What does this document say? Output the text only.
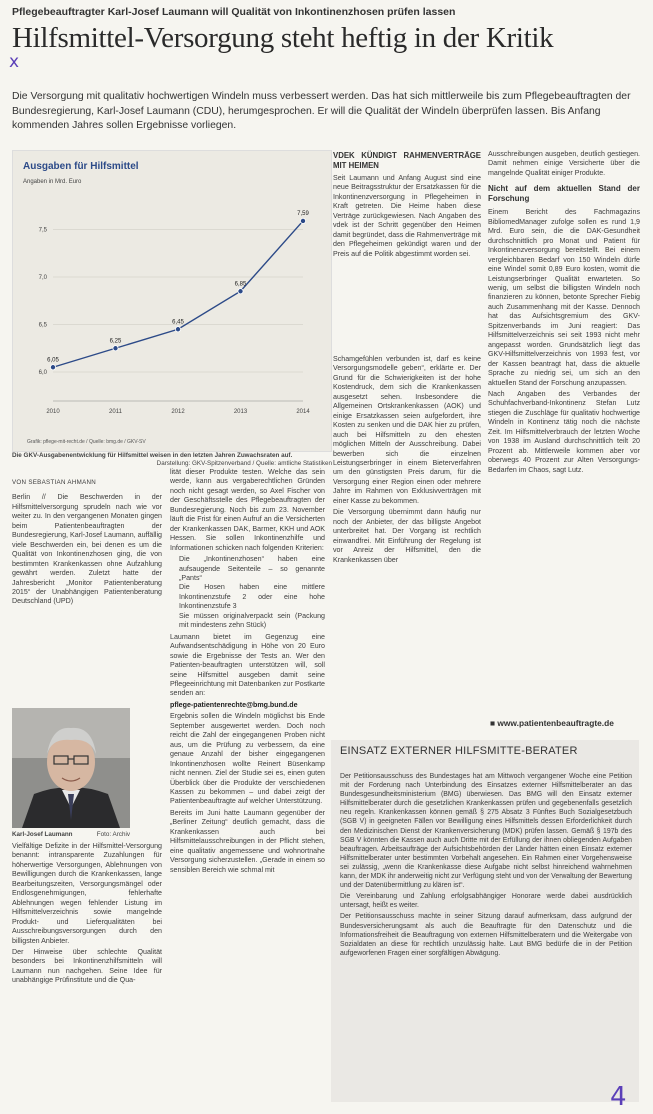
Pflegebeauftragter Karl-Josef Laumann will Qualität von Inkontinenzhosen prüfen lassen
Hilfsmittel-Versorgung steht heftig in der Kritik
x
Die Versorgung mit qualitativ hochwertigen Windeln muss verbessert werden. Das hat sich mittlerweile bis zum Pflegebeauftragten der Bundesregierung, Karl-Josef Laumann (CDU), herumgesprochen. Er will die Qualität der Windeln überprüfen lassen. Bis Anfang kommenden Jahres sollen Ergebnisse vorliegen.
Ausgaben für Hilfsmittel
Angaben in Mrd. Euro
6,0
6,5
7,0
7,5
2010	2011	2012	2013	2014
6,05
6,25
6,45
6,85
7,59
Grafik: pflege-mit-recht.de / Quelle: bmg.de / GKV-SV
Die GKV-Ausgabenentwicklung für Hilfsmittel weisen in den letzten Jahren Zuwachsraten auf.
Darstellung: GKV-Spitzenverband / Quelle: amtliche Statistiken

VON SEBASTIAN AHMANN

Berlin // Die Beschwerden in der Hilfsmittelversorgung sprudeln nach wie vor weiter zu. In den vergangenen Monaten gingen beim Patientenbeauftragten der Bundesregierung, Karl-Josef Laumann, auffällig viele Beschwerden ein, bei denen es um die Qualität von Inkontinenzhosen ging, die von bestimmten Krankenkassen ohne Aufzahlung gewährt werden. Zuletzt hatte der Jahresbericht „Monitor Patientenberatung 2015“ der Unabhängigen Patientenberatung Deutschland (UPD)

Karl-Josef Laumann	Foto: Archiv

Vielfältige Defizite in der Hilfsmittel-Versorgung benannt: intransparente Zuzahlungen für höherwertige Versorgungen, Ablehnungen von Bewilligungen durch die Krankenkassen, lange Bearbeitungszeiten, Versorgungsmängel oder Endlosgenehmigungen, fehlerhafte Ablehnungen wegen fehlender Listung im Hilfsmittelverzeichnis sowie mangelnde Produkt- und Lieferqualitäten bei Ausschreibungsversorgungen durch den billigsten Anbieter.

Der Hinweise über schlechte Qualität besonders bei Inkontinenzhilfsmitteln will Laumann nun nachgehen. Seine Idee für unabhängige Prüfinstitute und die Qua-

lität dieser Produkte testen. Welche das sein werde, kann aus vergaberechtlichen Gründen noch nicht gesagt werden, so Axel Fischer von der Geschäftsstelle des Pflegebeauftragten der Bundesregierung. Noch bis zum 23. November läuft die Frist für einen Aufruf an die Versicherten der Krankenkassen DAK, Barmer, KKH und AOK Hessen. Sie sollen Inkontinenzhilfe und Informationen schicken nach folgenden Kriterien:

• Die „Inkontinenzhosen“ haben eine aufsaugende Seitenteile – so genannte „Pants“
• Die Hosen haben eine mittlere Inkontinenzstufe 2 oder eine hohe Inkontinenzstufe 3
• Sie müssen originalverpackt sein (Packung mit mindestens zehn Stück)

Laumann bietet im Gegenzug eine Aufwandsentschädigung in Höhe von 20 Euro sowie die Ergebnisse der Tests an. Wer den Patienten-beauftragten unterstützen will, soll seine Hilfsmittel ausgeben damit seine Pflegeeinrichtung mit Datenbanken zur Postkarte senden an:

pflege-patientenrechte@bmg.bund.de

Ergebnis sollen die Windeln möglichst bis Ende September ausgewertet werden. Doch noch reicht die Zahl der eingegangenen Proben nicht aus, um die Prüfung zu verbessern, da eine genaue Anzahl der bisher eingegangenen Inkontinenzhosen wollte Reinert Büsenkamp nicht nennen. Ziel der Studie sei es, einen guten Überblick über die Produkte der verschiedenen Kassen zu bekommen – und dabei zeigt der Patientenbeauftragte auf welcher Unterstützung.

Bereits im Juni hatte Laumann gegenüber der „Berliner Zeitung“ deutlich gemacht, dass die Krankenkassen auch bei Hilfsmittelausschreibungen in der Pflicht stehen, eine qualitativ angemessene und wohnortnahe Versorgung sicherzustellen. „Gerade in einem so sensiblen Bereich wie schmal mit

VDEK KÜNDIGT RAHMENVERTRÄGE MIT HEIMEN

Seit Laumann und Anfang August sind eine neue Beitragsstruktur der Ersatzkassen für die Inkontinenzversorgung in Pflegeheimen in Kraft getreten. Die Heime haben diese Verträge zurückgewiesen. Nach Angaben des vdek ist der Schritt gegenüber den Heimen damit begründet, dass die Rahmenverträge mit den Pflegeheimen gekündigt waren und der Preis auf die Politik abgestimmt worden sei.

Schamgefühlen verbunden ist, darf es keine Versorgungsmodelle geben“, erklärte er. Der Grund für die Schwierigkeiten ist der hohe Kostendruck, dem sich die Krankenkassen ausgesetzt sehen. Insbesondere die Allgemeinen Ortskrankenkassen (AOK) und einige Ersatzkassen seien aufgefordert, ihre Kosten zu senken und die DAK hier zu prüfen, auch bei Hilfsmitteln zu den ehesten möglichen Mitteln der Ausschreibung. Dabei bewerben sich die einzelnen Leistungserbringer in einem Bieterverfahren um den günstigsten Preis darum, für die Versorgung einer Region einen oder mehrere Jahre im Rahmen von Exklusivverträgen mit einer Kasse zu bekommen.

Die Versorgung übernimmt dann häufig nur noch der Anbieter, der das billigste Angebot unterbreitet hat. Der Vorgang ist rechtlich einwandfrei. Mit Einführung der Regelung ist vor Anreiz der Hilfsmittel, den die Krankenkassen über

Ausschreibungen ausgeben, deutlich gestiegen. Damit nehmen einige Versicherte über die mangelnde Qualität einiger Produkte.

Nicht auf dem aktuellen Stand der Forschung

Einem Bericht des Fachmagazins BibliomedManager zufolge sollen es rund 1,9 Mrd. Euro sein, die die DAK-Gesundheit durchschnittlich pro Monat und Patient für Inkontinenzversorgung bereitstellt. Bei einem vergleichbaren Bedarf von 150 Windeln dürfe eine Windel somit 0,89 Euro kosten, womit die Leistungserbringer Qualität erwarteten. So wenig, um selbst die billigsten Windeln noch finanzieren zu können, betonte Sprecher Fiebig auch Zusammenhang mit der Kasse. Dennoch hat das Aufsichtsgremium des GKV-Spitzenverbands im Juni reagiert: Das Hilfsmittelverzeichnis sei seit 1993 nicht mehr angepasst worden. Grundsätzlich liegt das GKV-Hilfsmittelverzeichnis von 1993 fest, vor der Kassen beantragt hat, dass die aktuelle Sprache zu niedrig sei, um sich an den aktuellen Stand der Forschung anzupassen.

Nach Angaben des Verbandes der Schuhfachverband-Inkontinenz Stefan Lutz stiegen die Zuschläge für qualitativ hochwertige Windeln in Kontinenz tätig noch die nächste Zeit. Im Hilfsmittelverbrauch der letzten Woche von 1938 im Ausland durchschnittlich teilt 20 Prozent ab. Mittlerweile kommen aber vor oberwegs 40 Prozent zur Alten Versorgungs-Bedarfen im Chaos, sagt Lutz.

■ www.patientenbeauftragte.de
EINSATZ EXTERNER HILFSMITTE-BERATER

Der Petitionsausschuss des Bundestages hat am Mittwoch vergangener Woche eine Petition mit der Forderung nach Unterbindung des Einsatzes externer Hilfsmittelberater an das Bundesgesundheitsministerium (BMG) überwiesen. Das BMG will den Einsatz externer Hilfsmittelberater durch die gesetzlichen Krankenkassen prüfen und gegebenenfalls gesetzlich neu regeln. Krankenkassen können gemäß § 275 Absatz 3 Fünftes Buch Sozialgesetzbuch (SGB V) in geeigneten Fällen vor Bewilligung eines Hilfsmittels dessen Erforderlichkeit durch den Medizinischen Dienst der Krankenversicherung (MDK) prüfen lassen. Gemäß § 197b des SGB V könnten die Kassen auch auch Dritte mit der Erfüllung der ihnen obliegenden Aufgaben beauftragen. Arbeitsaufträge der Aufsichtsbehörden der Länder hätten einen Einsatz externer Hilfsmittelberater unter bestimmten Vorbehalt angesehen. Ein Rahmen einer Vorgehensweise sei zulässig, „wenn die Krankenkasse diese Aufgabe nicht selbst hinreichend wahrnehmen kann, der MDK ihr anderweitig nicht zur Verfügung steht und von der Verwaltung der Bewertung und der Datenübermittlung zu klären ist“.

Die Vereinbarung und Zahlung erfolgsabhängiger Honorare werde dabei ausdrücklich untersagt, heißt es weiter.

Der Petitionsausschuss machte in seiner Sitzung darauf aufmerksam, dass aufgrund der Bundesversicherungsamt als auch die Beauftragte für den Datenschutz und die Informationsfreiheit die Beauftragung von externen Hilfsmittelberatern und die Weitergabe von Sozialdaten an diese für rechtlich unzulässig halte. Laut BMG bedürfe die in der Petition aufgeworfenen Fragen einer sorgfältigen Abwägung.

4
